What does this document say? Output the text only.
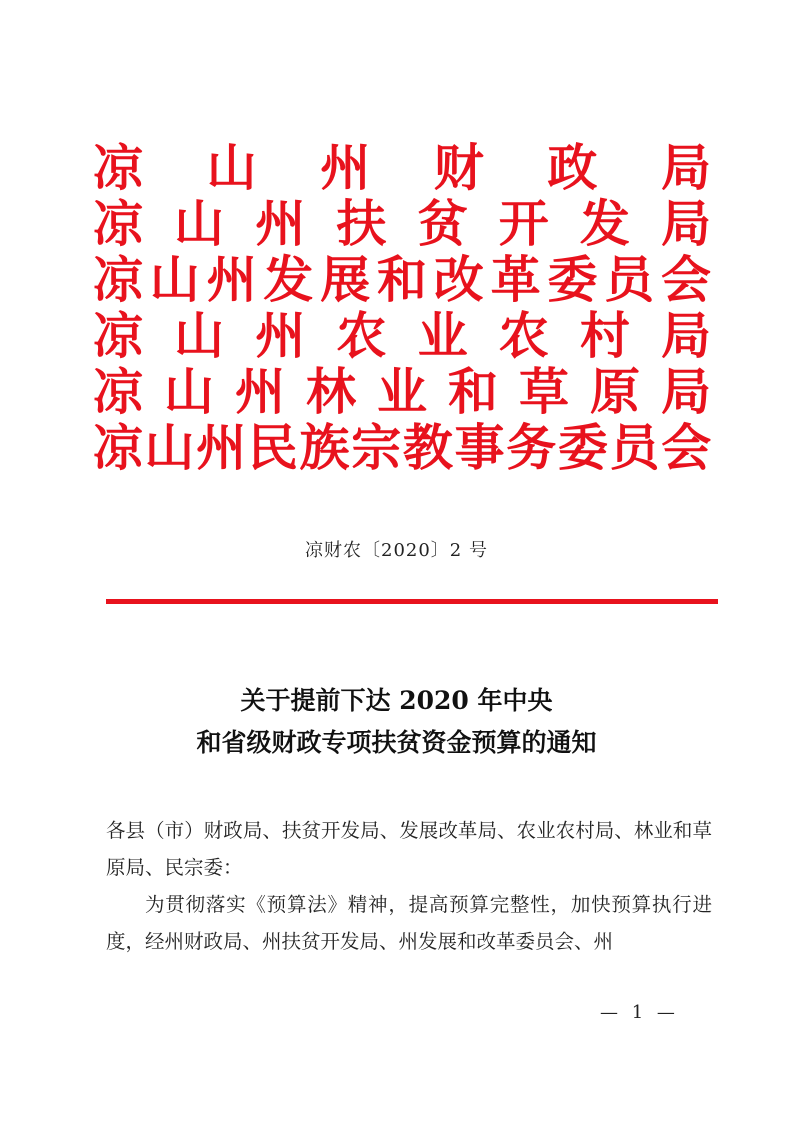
凉 山 州 财 政 局
凉 山 州 扶 贫 开 发 局
凉 山 州 发 展 和 改 革 委 员 会
凉 山 州 农 业 农 村 局
凉 山 州 林 业 和 草 原 局
凉 山 州 民 族 宗 教 事 务 委 员 会
凉财农〔2020〕2 号
关于提前下达 2020 年中央
和省级财政专项扶贫资金预算的通知

各县（市）财政局、扶贫开发局、发展改革局、农业农村局、林业和草原局、民宗委：

为贯彻落实《预算法》精神，提高预算完整性，加快预算执行进度，经州财政局、州扶贫开发局、州发展和改革委员会、州

— 1 —
